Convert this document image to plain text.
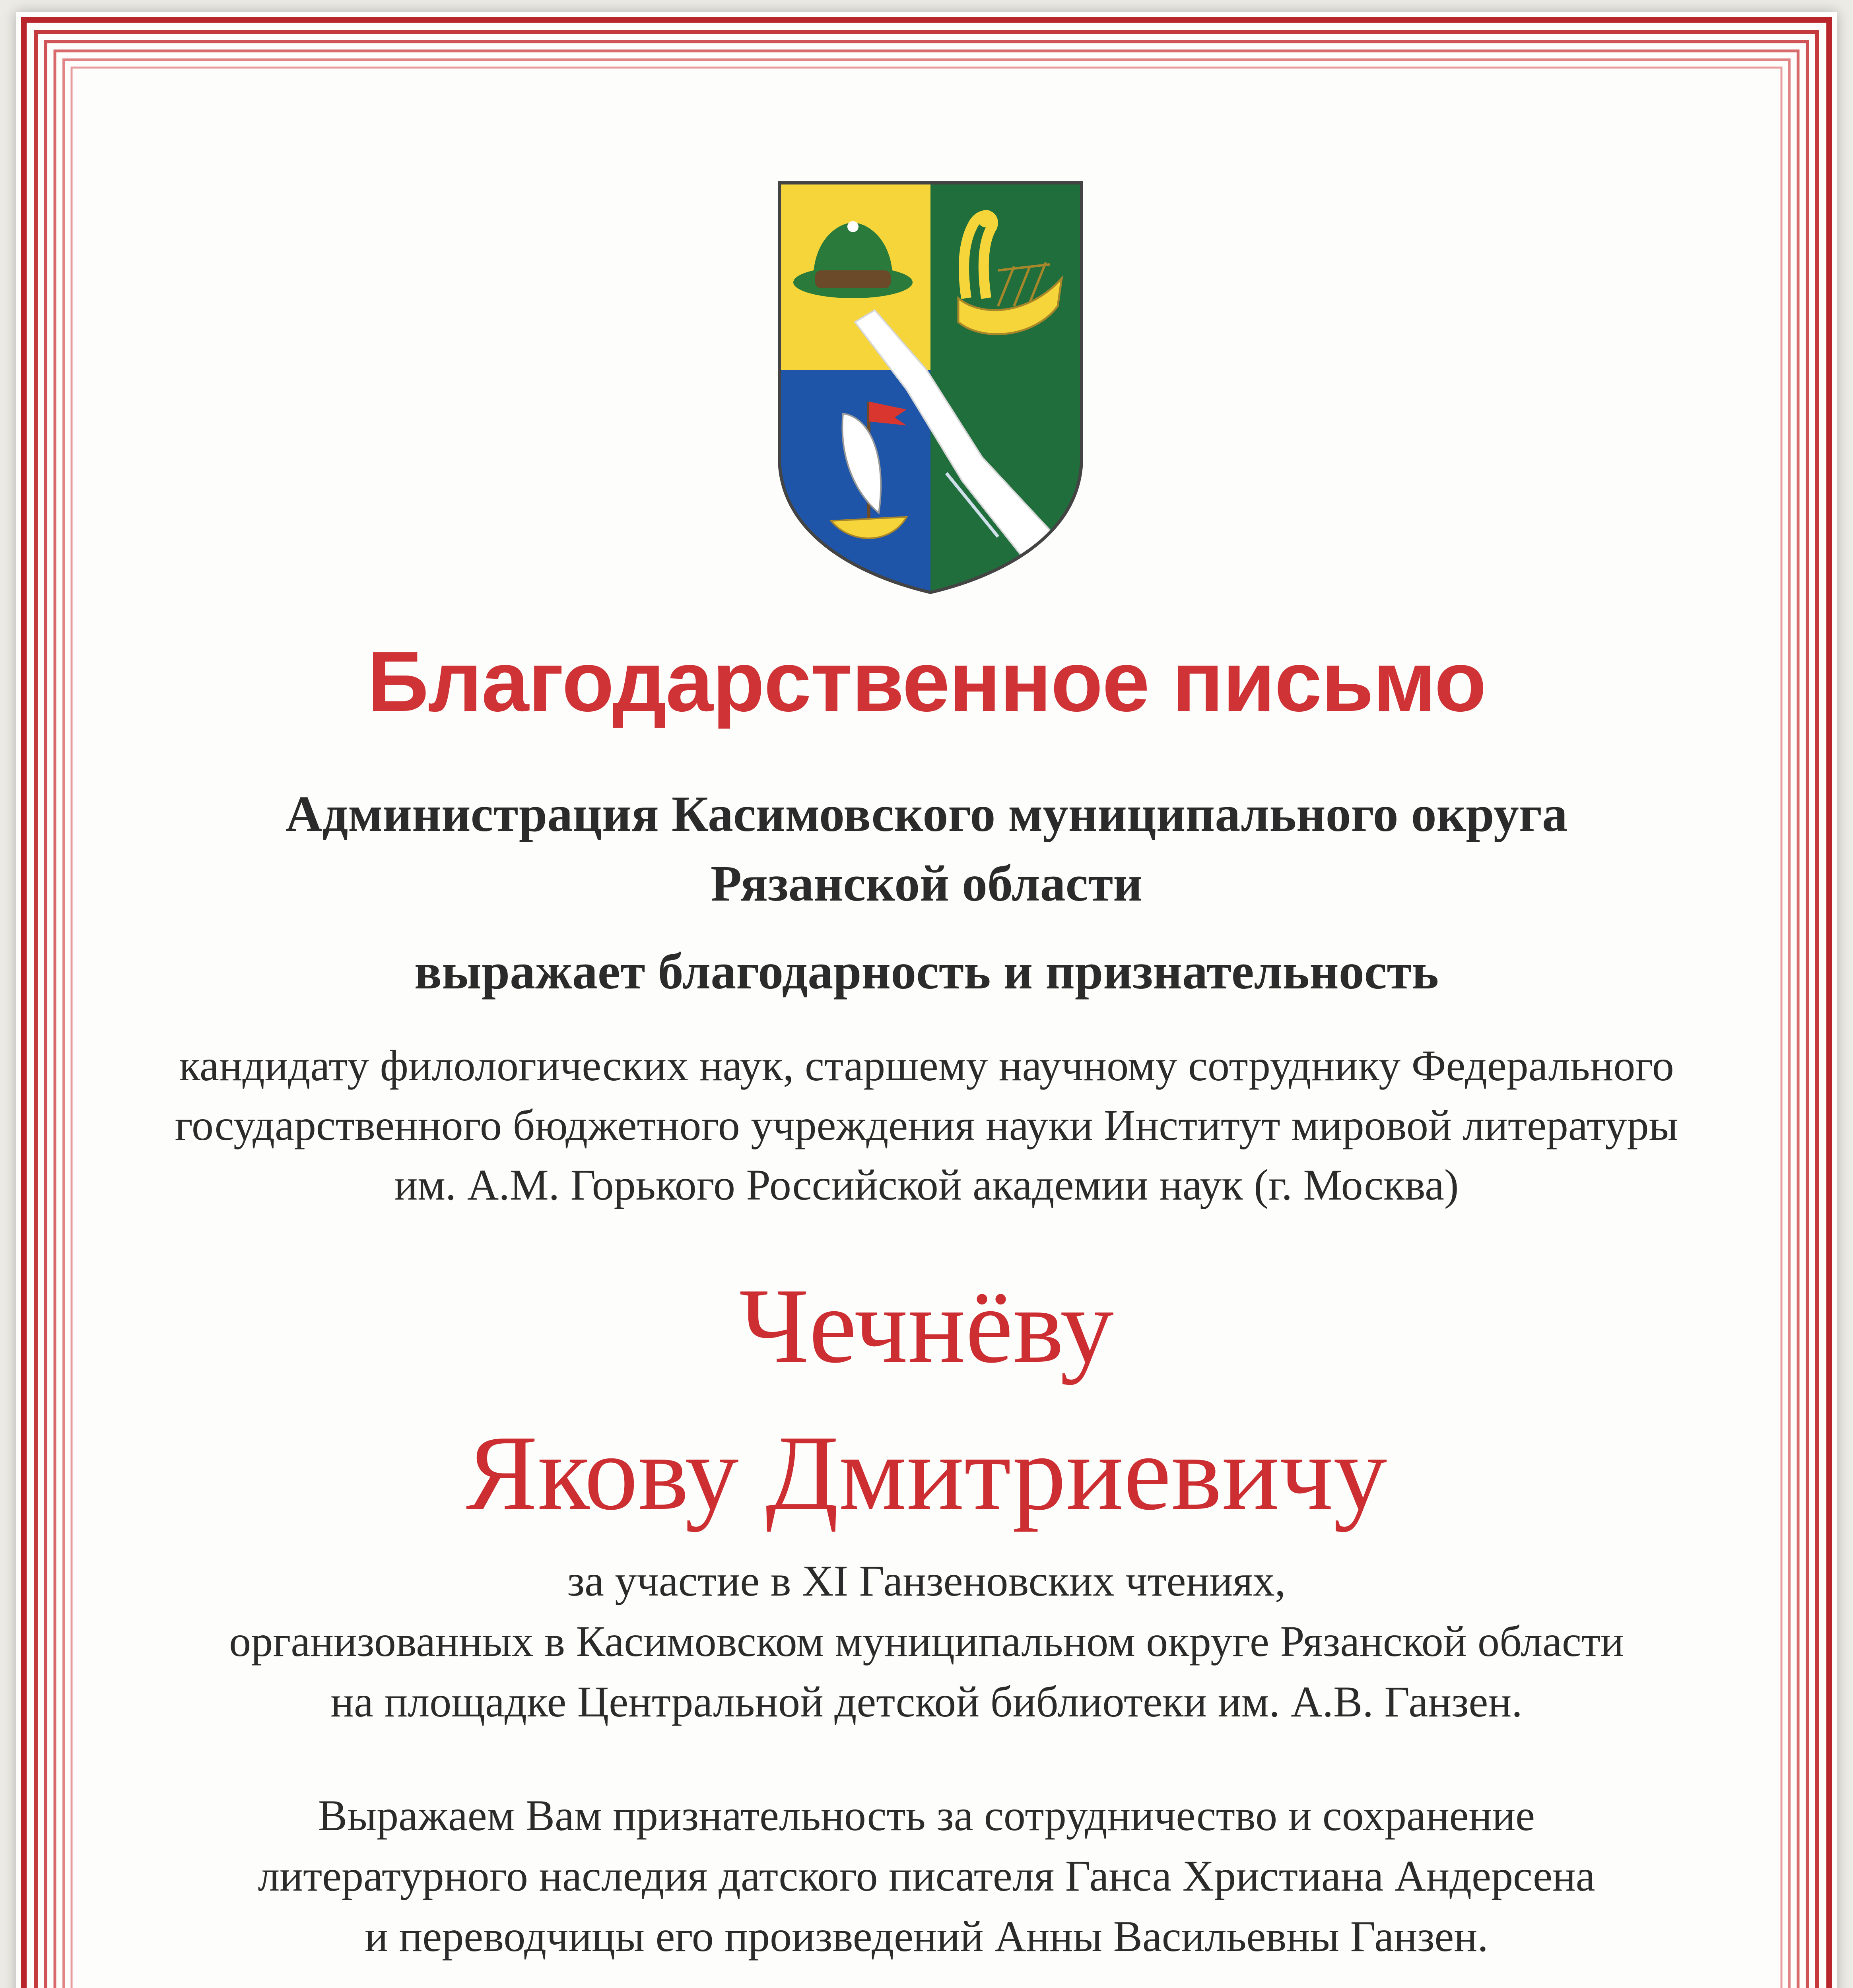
Благодарственное письмо
Администрация Касимовского муниципального округа
Рязанской области
выражает благодарность и признательность
кандидату филологических наук, старшему научному сотруднику Федерального
государственного бюджетного учреждения науки Институт мировой литературы
им. А.М. Горького Российской академии наук (г. Москва)
Чечнёву
Якову Дмитриевичу
за участие в XI Ганзеновских чтениях,
организованных в Касимовском муниципальном округе Рязанской области
на площадке Центральной детской библиотеки им. А.В. Ганзен.
Выражаем Вам признательность за сотрудничество и сохранение
литературного наследия датского писателя Ганса Христиана Андерсена
и переводчицы его произведений Анны Васильевны Ганзен.
